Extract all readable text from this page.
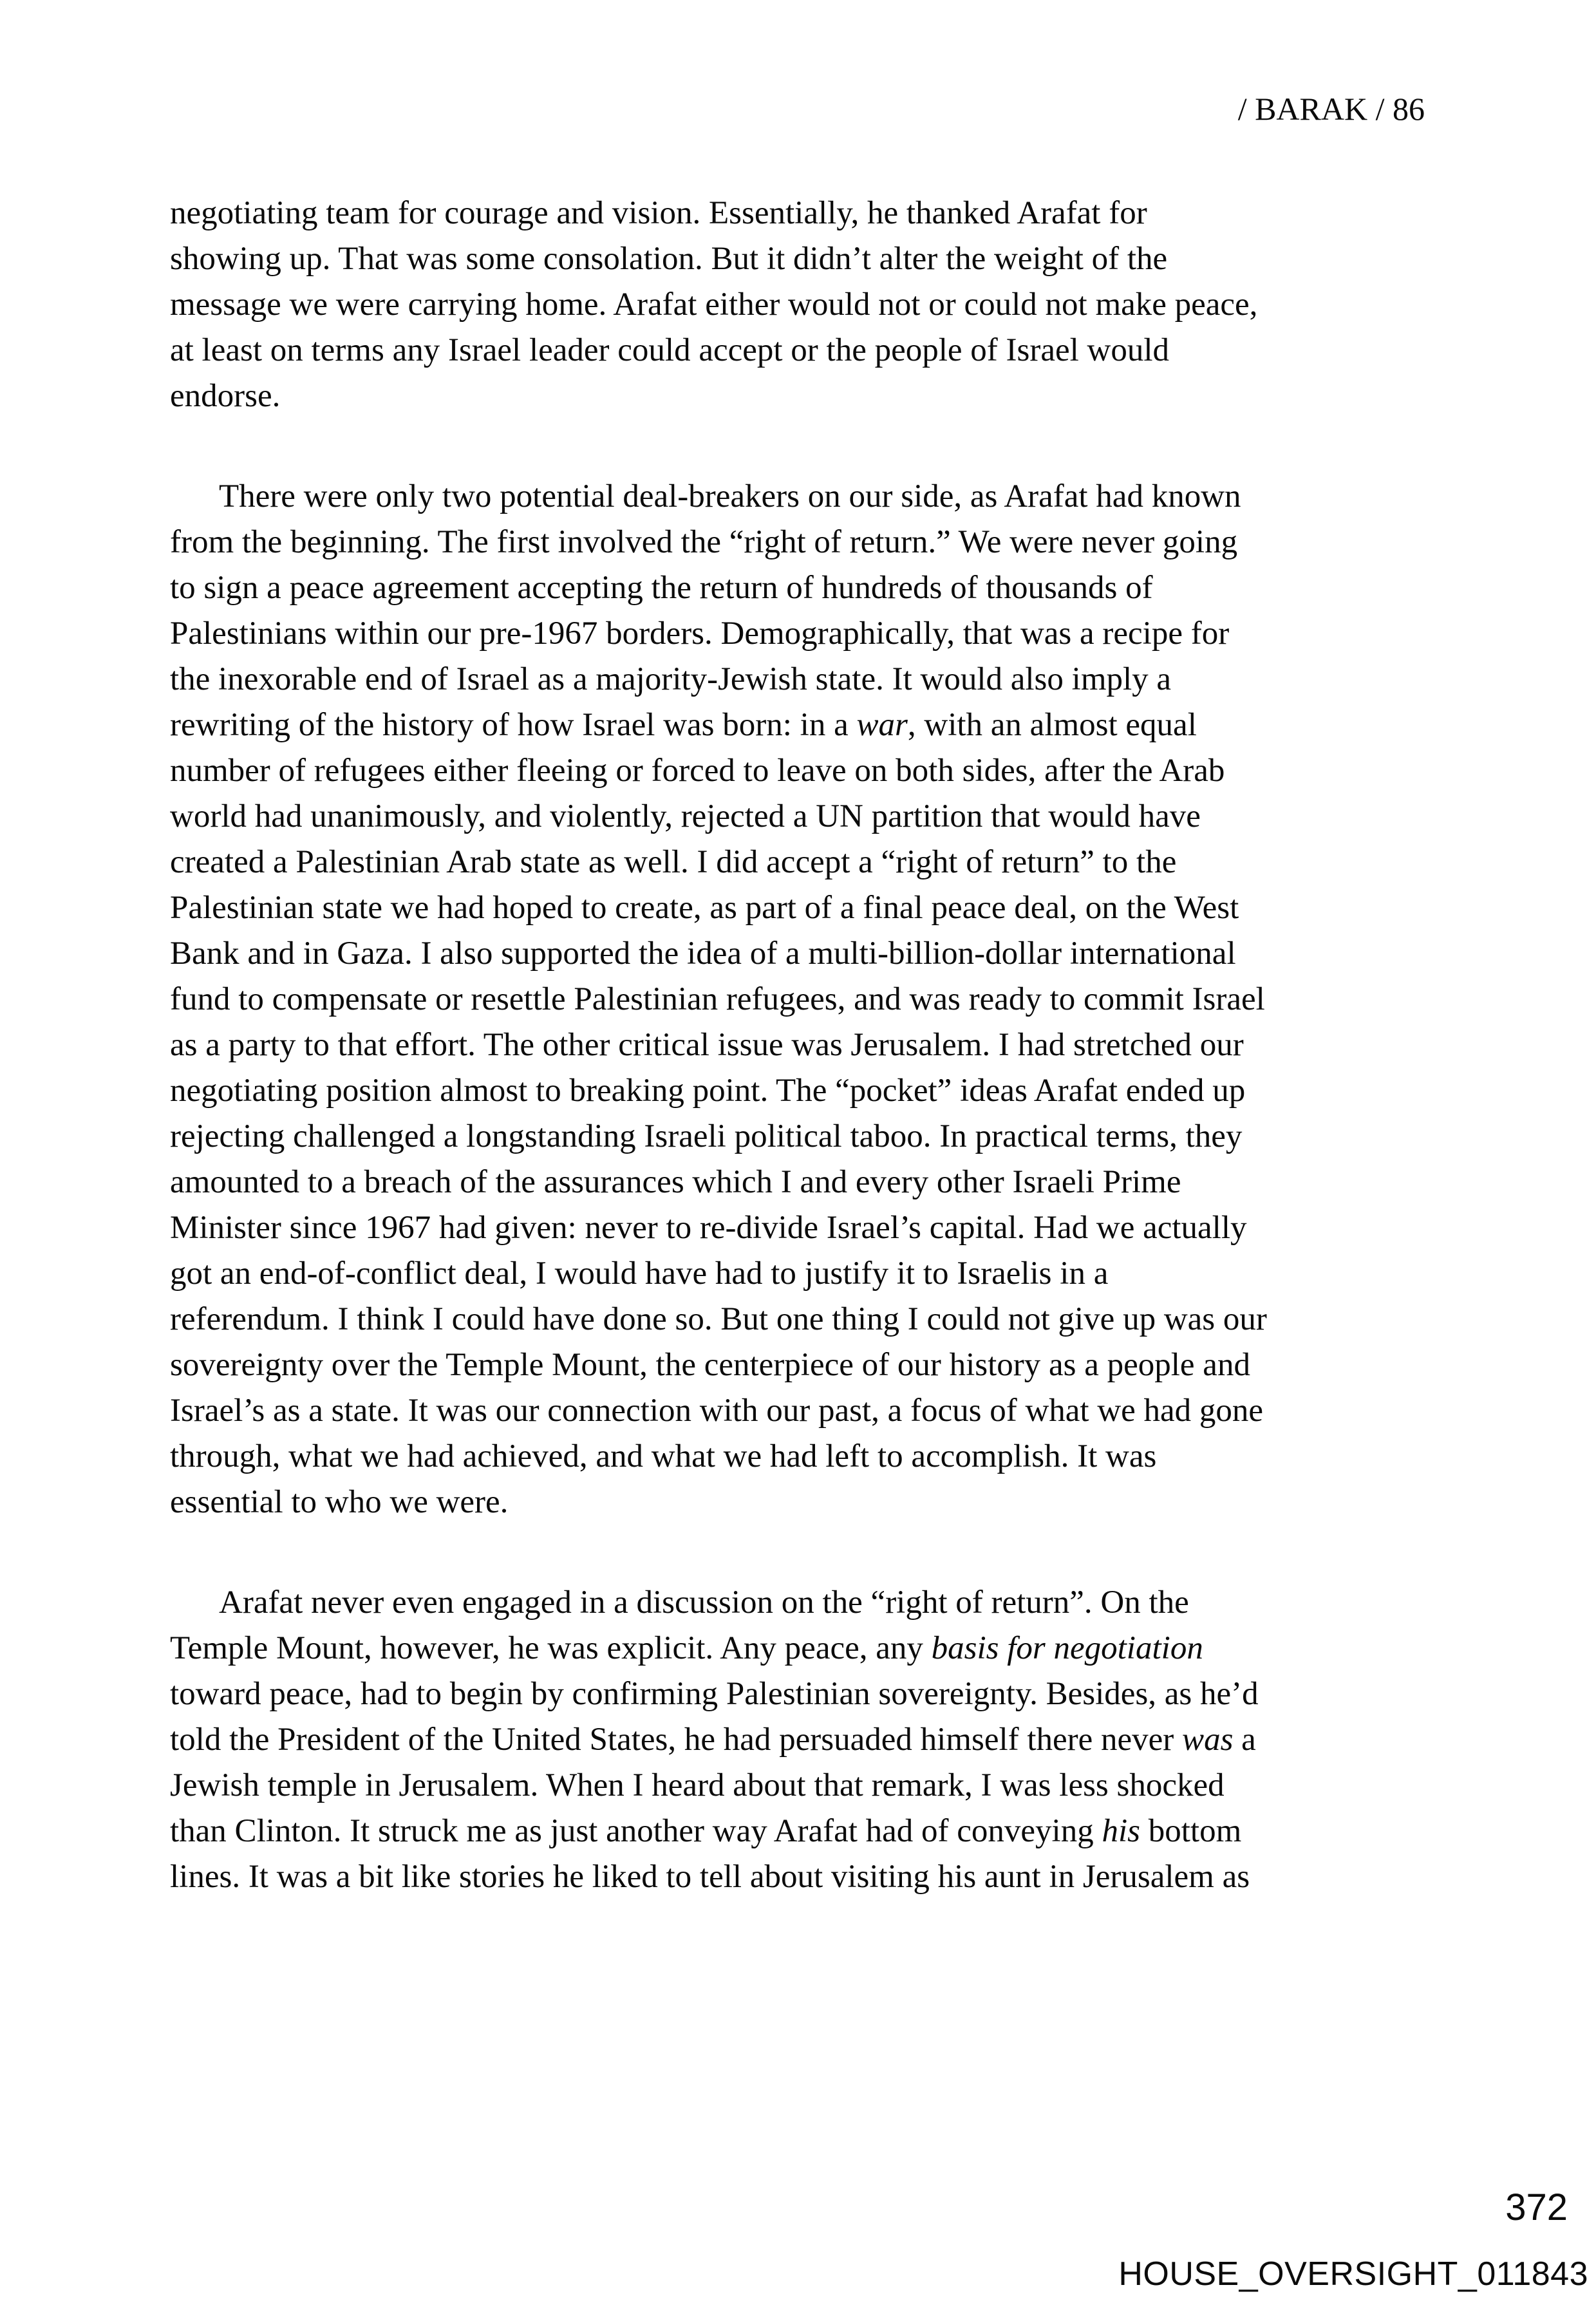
/ BARAK / 86
negotiating team for courage and vision. Essentially, he thanked Arafat for
showing up. That was some consolation. But it didn’t alter the weight of the
message we were carrying home. Arafat either would not or could not make peace,
at least on terms any Israel leader could accept or the people of Israel would
endorse.
There were only two potential deal-breakers on our side, as Arafat had known
from the beginning. The first involved the “right of return.” We were never going
to sign a peace agreement accepting the return of hundreds of thousands of
Palestinians within our pre-1967 borders. Demographically, that was a recipe for
the inexorable end of Israel as a majority-Jewish state. It would also imply a
rewriting of the history of how Israel was born: in a war, with an almost equal
number of refugees either fleeing or forced to leave on both sides, after the Arab
world had unanimously, and violently, rejected a UN partition that would have
created a Palestinian Arab state as well. I did accept a “right of return” to the
Palestinian state we had hoped to create, as part of a final peace deal, on the West
Bank and in Gaza. I also supported the idea of a multi-billion-dollar international
fund to compensate or resettle Palestinian refugees, and was ready to commit Israel
as a party to that effort. The other critical issue was Jerusalem. I had stretched our
negotiating position almost to breaking point. The “pocket” ideas Arafat ended up
rejecting challenged a longstanding Israeli political taboo. In practical terms, they
amounted to a breach of the assurances which I and every other Israeli Prime
Minister since 1967 had given: never to re-divide Israel’s capital. Had we actually
got an end-of-conflict deal, I would have had to justify it to Israelis in a
referendum. I think I could have done so. But one thing I could not give up was our
sovereignty over the Temple Mount, the centerpiece of our history as a people and
Israel’s as a state. It was our connection with our past, a focus of what we had gone
through, what we had achieved, and what we had left to accomplish. It was
essential to who we were.
Arafat never even engaged in a discussion on the “right of return”. On the
Temple Mount, however, he was explicit. Any peace, any basis for negotiation
toward peace, had to begin by confirming Palestinian sovereignty. Besides, as he’d
told the President of the United States, he had persuaded himself there never was a
Jewish temple in Jerusalem. When I heard about that remark, I was less shocked
than Clinton. It struck me as just another way Arafat had of conveying his bottom
lines. It was a bit like stories he liked to tell about visiting his aunt in Jerusalem as
372
HOUSE_OVERSIGHT_011843
